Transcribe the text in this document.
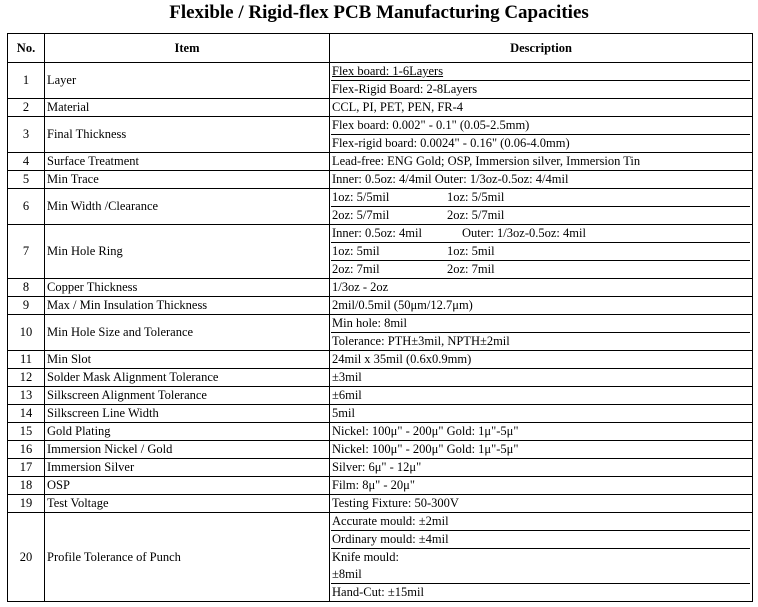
Flexible / Rigid-flex PCB Manufacturing Capacities
No.	Item	Description
1	Layer	Flex board: 1-6Layers
Flex-Rigid Board: 2-8Layers

2	Material	CCL, PI, PET, PEN, FR-4

3	Final Thickness	Flex board: 0.002" - 0.1" (0.05-2.5mm)
Flex-rigid board: 0.0024" - 0.16" (0.06-4.0mm)

4	Surface Treatment	Lead-free: ENG Gold; OSP, Immersion silver, Immersion Tin

5	Min Trace	Inner: 0.5oz: 4/4mil Outer: 1/3oz-0.5oz: 4/4mil

6	Min Width /Clearance	1oz: 5/5mil 1oz: 5/5mil
2oz: 5/7mil 2oz: 5/7mil

7	Min Hole Ring	Inner: 0.5oz: 4mil Outer: 1/3oz-0.5oz: 4mil
1oz: 5mil 1oz: 5mil
2oz: 7mil 2oz: 7mil

8	Copper Thickness	1/3oz - 2oz

9	Max / Min Insulation Thickness	2mil/0.5mil (50μm/12.7μm)

10	Min Hole Size and Tolerance	Min hole: 8mil
Tolerance: PTH±3mil, NPTH±2mil

11	Min Slot	24mil x 35mil (0.6x0.9mm)

12	Solder Mask Alignment Tolerance	±3mil

13	Silkscreen Alignment Tolerance	±6mil

14	Silkscreen Line Width	5mil

15	Gold Plating	Nickel: 100μ" - 200μ" Gold: 1μ"-5μ"

16	Immersion Nickel / Gold	Nickel: 100μ" - 200μ" Gold: 1μ"-5μ"

17	Immersion Silver	Silver: 6μ" - 12μ"

18	OSP	Film: 8μ" - 20μ"

19	Test Voltage	Testing Fixture: 50-300V

20	Profile Tolerance of Punch	Accurate mould: ±2mil
Ordinary mould: ±4mil
Knife mould:
±8mil
Hand-Cut: ±15mil
